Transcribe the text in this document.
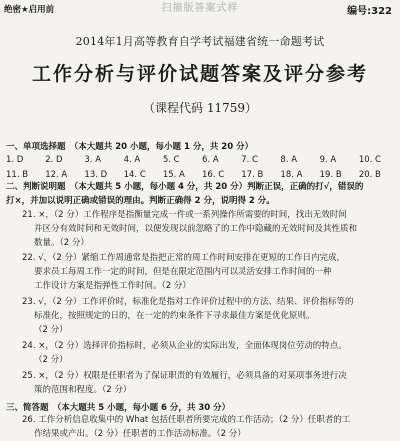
扫描版答案式样
绝密★启用前	编号:322
2014年1月高等教育自学考试福建省统一命题考试
工作分析与评价试题答案及评分参考
（课程代码 11759）
一、单项选择题　（本大题共 20 小题，每小题 1 分，共 20 分）
1. D	2. D	3. A	4. A	5. C	6. A	7. C	8. A	9. A	10. C
11. B	12. A	13. D	14. C	15. A	16. C	17. B	18. A	19. B	20. B
二、判断说明题　（本大题共 5 小题，每小题 4 分，共 20 分）判断正误，正确的打√，错误的
打×，并加以说明正确或错误的理由。判断正确得 2 分，说明得 2 分。
21. ×，（2 分）工作程序是指衡量完成一件或一系列操作所需要的时间，找出无效时间
并区分有效时间和无效时间，以便发现以前忽略了的工作中隐藏的无效时间及其性质和
数量。（2 分）
22. √，（2 分）紧缩工作周通常是指把正常的周工作时间安排在更短的工作日内完成，
要求员工每周工作一定的时间，但是在限定范围内可以灵活安排工作时间的一种
工作设计方案是指弹性工作时间。（2 分）
23. √，（2 分）工作评价时，标准化是指对工作评价过程中的方法、结果、评价指标等的
标准化，按照规定的日的，在一定的约束条件下寻求最佳方案是优化原则。
（2 分）
24. ×，（2 分）选择评价指标时，必须从企业的实际出发，全面体现岗位劳动的特点。
（2 分）
25. ×，（2 分）权限是任职者为了保证职责的有效履行，必须具备的对某项事务进行决
策的范围和程度。（2 分）
三、简答题　（本大题共 5 小题，每小题 6 分，共 30 分）
26. 工作分析信息收集中的 What 包括任职者所要完成的工作活动；（2 分）任职者的工
作结果或产出。（2 分）任职者的工作活动标准。（2 分）
